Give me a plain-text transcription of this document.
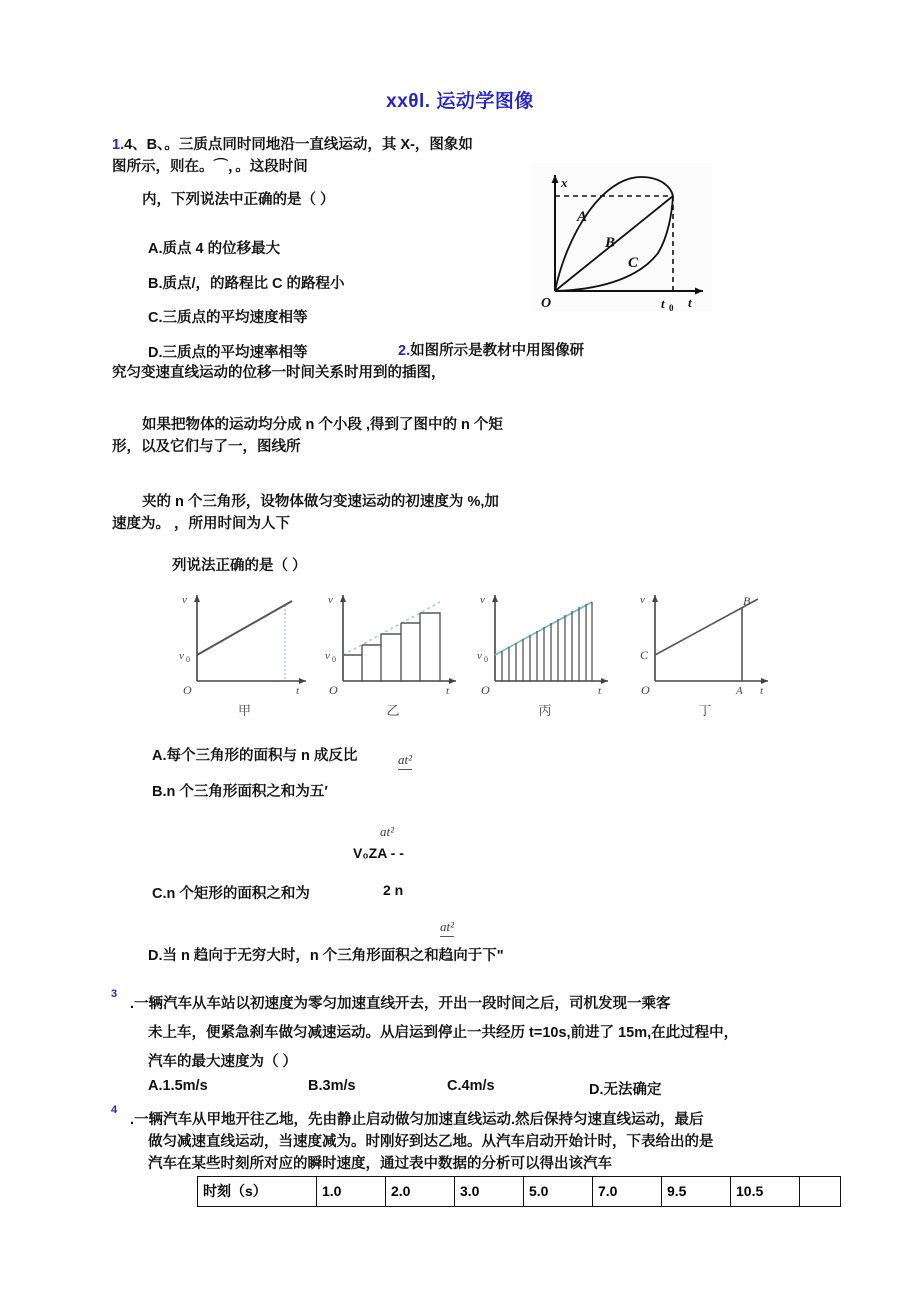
xxθl. 运动学图像
1.4、B、。三质点同时同地沿一直线运动，其 X-，图象如
图所示，则在。⌒，。这段时间
内，下列说法中正确的是（ ）
A.质点 4 的位移最大
B.质点/，的路程比 C 的路程小
C.三质点的平均速度相等
D.三质点的平均速率相等
x
t
O	t 0
A
B
C
2.如图所示是教材中用图像研
究匀变速直线运动的位移一时间关系时用到的插图，
如果把物体的运动均分成 n 个小段 ,得到了图中的 n 个矩
形，以及它们与了一，图线所
夹的 n 个三角形，设物体做匀变速运动的初速度为 %,加
速度为。 ，所用时间为人下
列说法正确的是（ ）
v
t
O
v 0
甲
v
t
O
v 0
乙
v
t
O
v 0
丙
v
t
O
C
B
A
丁
A.每个三角形的面积与 n 成反比	at²
B.n 个三角形面积之和为五′
at²
V₀ZA - -
C.n 个矩形的面积之和为	2 n
at²
D.当 n 趋向于无穷大时，n 个三角形面积之和趋向于下"
3
.一辆汽车从车站以初速度为零匀加速直线开去，开出一段时间之后，司机发现一乘客
未上车，便紧急刹车做匀减速运动。从启运到停止一共经历 t=10s,前进了 15m,在此过程中，
汽车的最大速度为（ ）
A.1.5m/s	B.3m/s	C.4m/s	D.无法确定
4
.一辆汽车从甲地开往乙地，先由静止启动做匀加速直线运动.然后保持匀速直线运动，最后
做匀减速直线运动，当速度减为。时刚好到达乙地。从汽车启动开始计时，下表给出的是
汽车在某些时刻所对应的瞬时速度，通过表中数据的分析可以得出该汽车
时刻（s）	1.0	2.0	3.0	5.0	7.0	9.5	10.5	
